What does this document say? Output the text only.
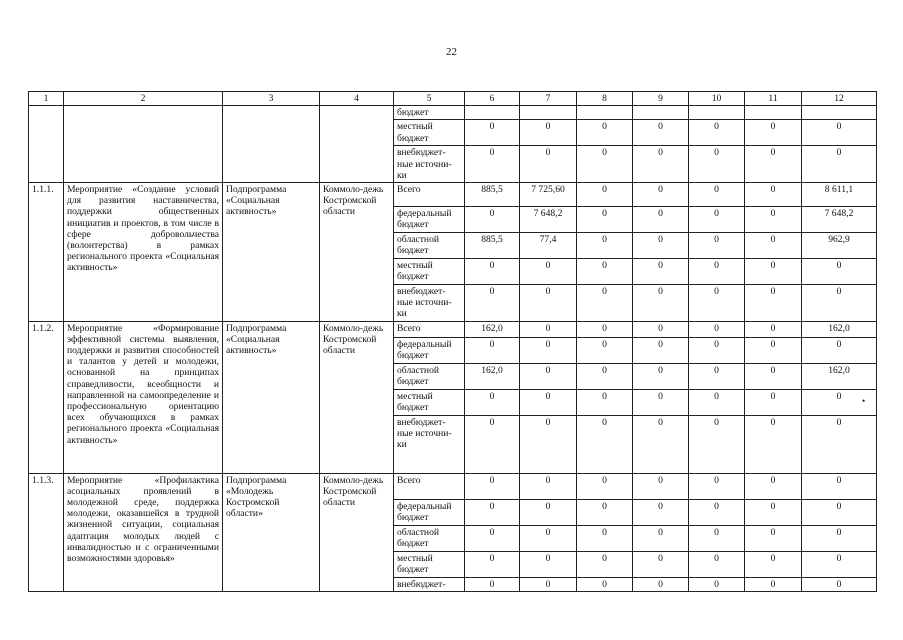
22
1	2	3	4	5	6	7	8	9	10	11	12
				бюджет							
				местный бюджет	0	0	0	0	0	0	0
				внебюджет-ные источни-ки	0	0	0	0	0	0	0
1.1.1.	Мероприятие «Создание условий для развития наставничества, поддержки общественных инициатив и проектов, в том числе в сфере добровольчества (волонтерства) в рамках регионального проекта «Социальная активность»	Подпрограмма «Социальная активность»	Коммоло-дежь Костромской области	Всего	885,5	7 725,60	0	0	0	0	8 611,1
				федеральный бюджет	0	7 648,2	0	0	0	0	7 648,2
				областной бюджет	885,5	77,4	0	0	0	0	962,9
				местный бюджет	0	0	0	0	0	0	0
				внебюджет-ные источни-ки	0	0	0	0	0	0	0
1.1.2.	Мероприятие «Формирование эффективной системы выявления, поддержки и развития способностей и талантов у детей и молодежи, основанной на принципах справедливости, всеобщности и направленной на самоопределение и профессиональную ориентацию всех обучающихся в рамках регионального проекта «Социальная активность»	Подпрограмма «Социальная активность»	Коммоло-дежь Костромской области	Всего	162,0	0	0	0	0	0	162,0
				федеральный бюджет	0	0	0	0	0	0	0
				областной бюджет	162,0	0	0	0	0	0	162,0
				местный бюджет	0	0	0	0	0	0	0
				внебюджет-ные источни-ки	0	0	0	0	0	0	0
1.1.3.	Мероприятие «Профилактика асоциальных проявлений в молодежной среде, поддержка молодежи, оказавшейся в трудной жизненной ситуации, социальная адаптация молодых людей с инвалидностью и с ограниченными возможностями здоровья»	Подпрограмма «Молодежь Костромской области»	Коммоло-дежь Костромской области	Всего	0	0	0	0	0	0	0
				федеральный бюджет	0	0	0	0	0	0	0
				областной бюджет	0	0	0	0	0	0	0
				местный бюджет	0	0	0	0	0	0	0
				внебюджет-	0	0	0	0	0	0	0
•
